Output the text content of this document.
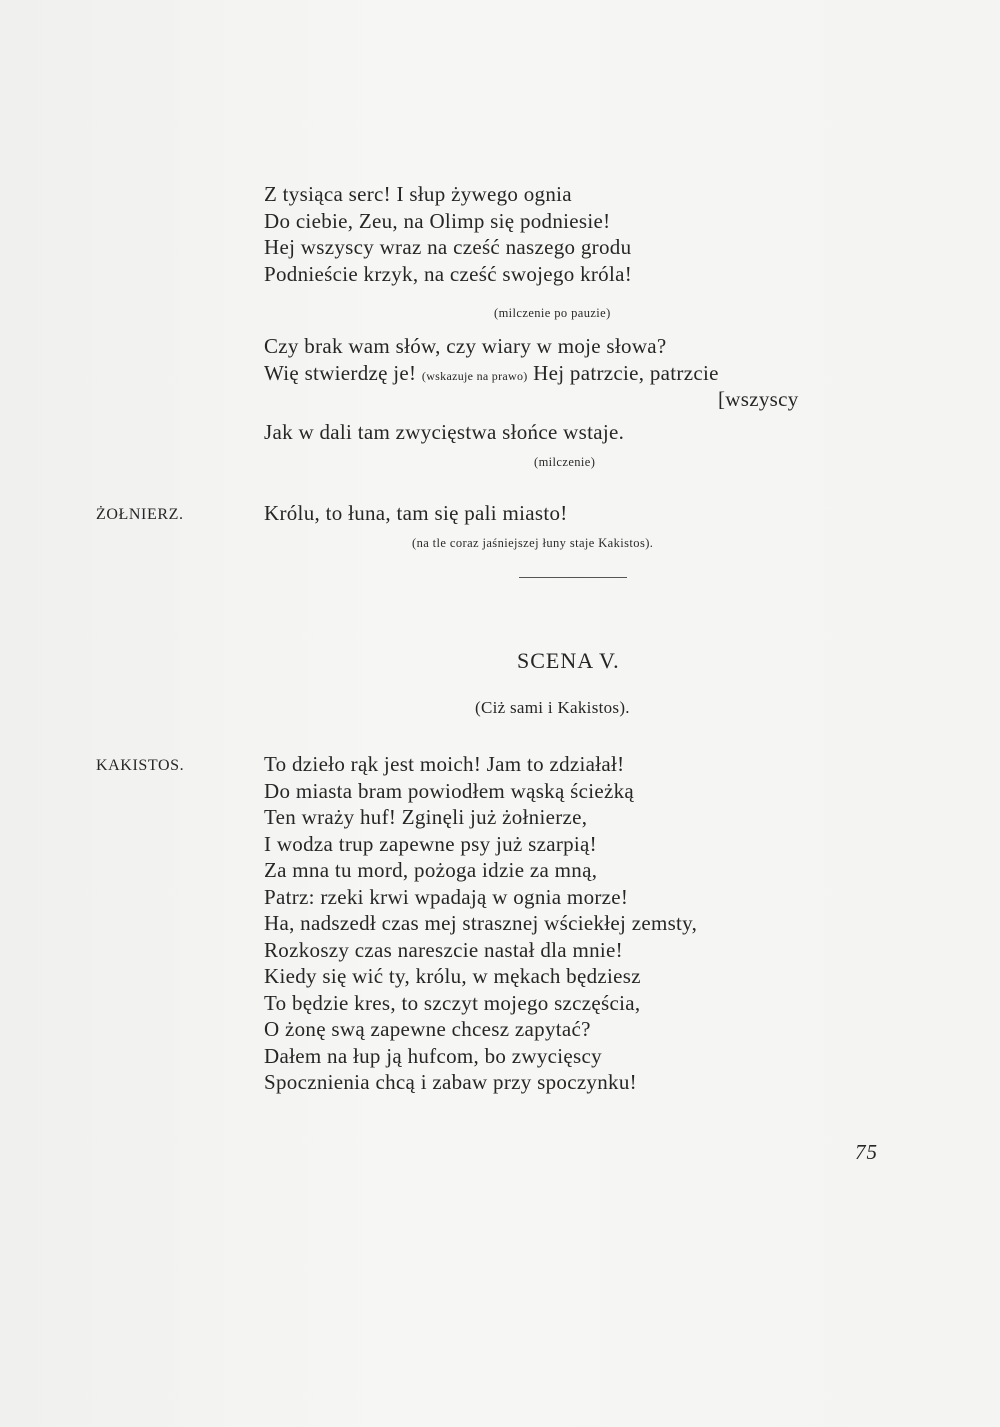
Z tysiąca serc! I słup żywego ognia
Do ciebie, Zeu, na Olimp się podniesie!
Hej wszyscy wraz na cześć naszego grodu
Podnieście krzyk, na cześć swojego króla!
(milczenie po pauzie)
Czy brak wam słów, czy wiary w moje słowa?
Wię stwierdzę je! (wskazuje na prawo) Hej patrzcie, patrzcie
[wszyscy
Jak w dali tam zwycięstwa słońce wstaje.
(milczenie)
ŻOŁNIERZ.	Królu, to łuna, tam się pali miasto!
(na tle coraz jaśniejszej łuny staje Kakistos).
SCENA V.
(Ciż sami i Kakistos).
KAKISTOS.	To dzieło rąk jest moich! Jam to zdziałał!
Do miasta bram powiodłem wąską ścieżką
Ten wraży huf! Zginęli już żołnierze,
I wodza trup zapewne psy już szarpią!
Za mna tu mord, pożoga idzie za mną,
Patrz: rzeki krwi wpadają w ognia morze!
Ha, nadszedł czas mej strasznej wściekłej zemsty,
Rozkoszy czas nareszcie nastał dla mnie!
Kiedy się wić ty, królu, w mękach będziesz
To będzie kres, to szczyt mojego szczęścia,
O żonę swą zapewne chcesz zapytać?
Dałem na łup ją hufcom, bo zwycięscy
Spocznienia chcą i zabaw przy spoczynku!
75
